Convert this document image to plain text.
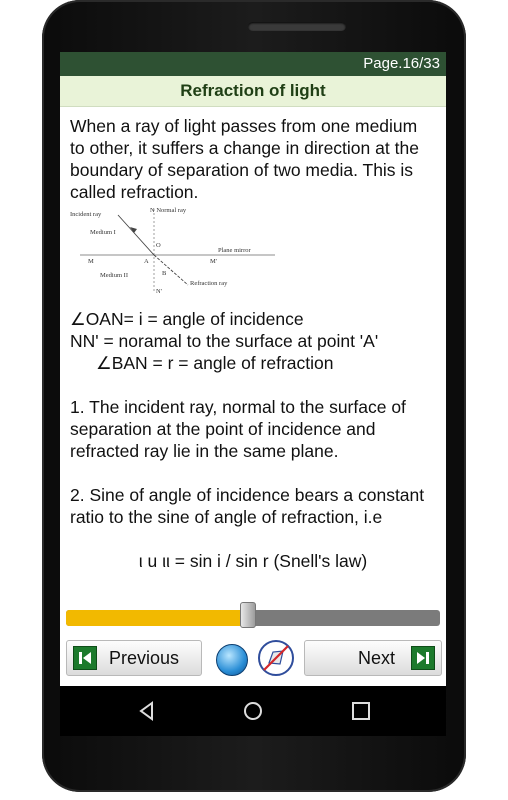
Page.16/33
Refraction of light

When a ray of light passes from one medium to other, it suffers a change in direction at the boundary of separation of two media. This is called refraction.

Incident ray
N Normal ray
Medium I
O
Plane mirror
M	A	M'
Medium II
Refraction ray
N'
B

∠OAN= i = angle of incidence

NN' = noramal to the surface at point 'A'

∠BAN = r = angle of refraction

1. The incident ray, normal to the surface of separation at the point of incidence and refracted ray lie in the same plane.

2. Sine of angle of incidence bears a constant ratio to the sine of angle of refraction, i.e

ι u ιι = sin i / sin r (Snell's law)

Previous	Next
